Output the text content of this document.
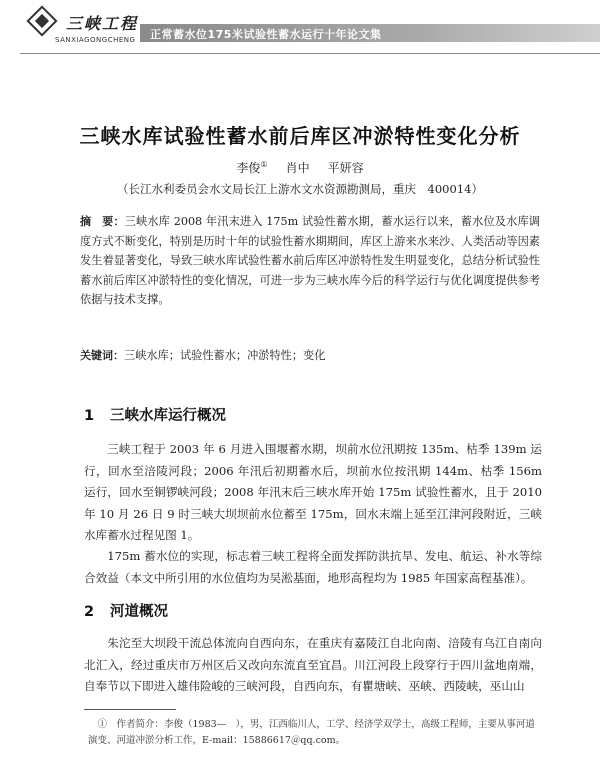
三峡工程
SANXIAGONGCHENG 正常蓄水位175米试验性蓄水运行十年论文集
三峡水库试验性蓄水前后库区冲淤特性变化分析
李俊① 肖中 平妍容
（长江水利委员会水文局长江上游水文水资源勘测局，重庆　400014）
摘　要：三峡水库 2008 年汛末进入 175m 试验性蓄水期，蓄水运行以来，蓄水位及水库调度方式不断变化，特别是历时十年的试验性蓄水期期间，库区上游来水来沙、人类活动等因素发生着显著变化，导致三峡水库试验性蓄水前后库区冲淤特性发生明显变化，总结分析试验性蓄水前后库区冲淤特性的变化情况，可进一步为三峡水库今后的科学运行与优化调度提供参考依据与技术支撑。
关键词：三峡水库；试验性蓄水；冲淤特性；变化
1 三峡水库运行概况

三峡工程于 2003 年 6 月进入围堰蓄水期，坝前水位汛期按 135m、枯季 139m 运行，回水至涪陵河段；2006 年汛后初期蓄水后，坝前水位按汛期 144m、枯季 156m 运行，回水至铜锣峡河段；2008 年汛末后三峡水库开始 175m 试验性蓄水，且于 2010 年 10 月 26 日 9 时三峡大坝坝前水位蓄至 175m，回水末端上延至江津河段附近，三峡水库蓄水过程见图 1。

175m 蓄水位的实现，标志着三峡工程将全面发挥防洪抗旱、发电、航运、补水等综合效益（本文中所引用的水位值均为吴淞基面，地形高程均为 1985 年国家高程基准）。

2 河道概况

朱沱至大坝段干流总体流向自西向东，在重庆有嘉陵江自北向南、涪陵有乌江自南向北汇入，经过重庆市万州区后又改向东流直至宜昌。川江河段上段穿行于四川盆地南端，自奉节以下即进入雄伟险峻的三峡河段，自西向东，有瞿塘峡、巫峡、西陵峡，巫山山

①　作者简介：李俊（1983—　），男，江西临川人，工学、经济学双学士，高级工程师，主要从事河道演变、河道冲淤分析工作，E-mail：15886617＠qq.com。
